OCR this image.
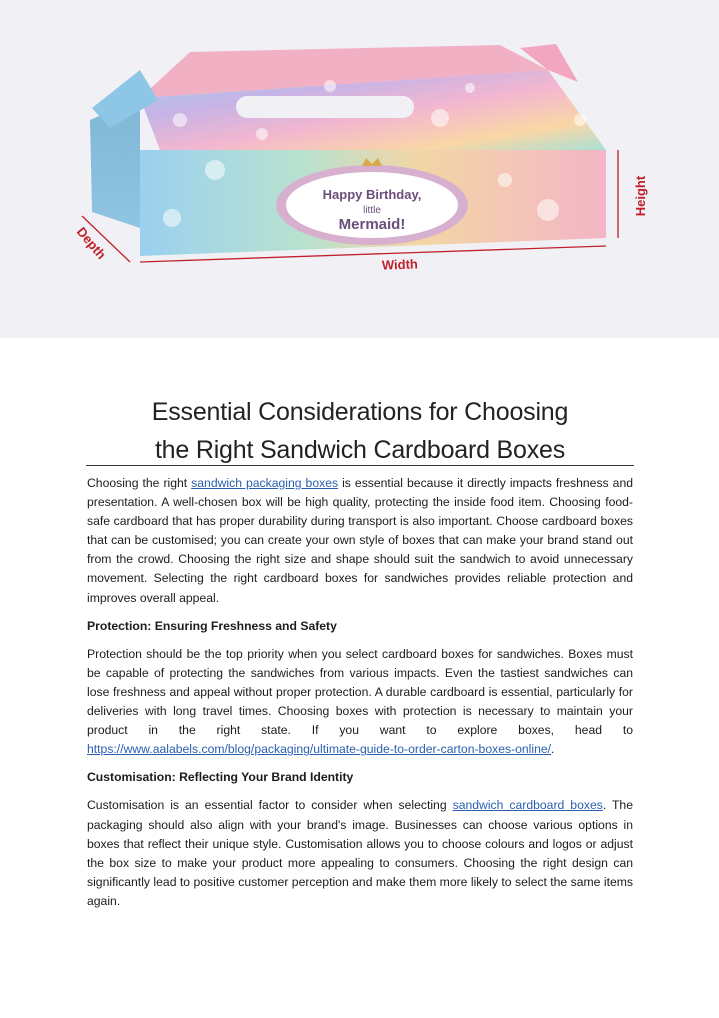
Happy Birthday,
little
Mermaid!
Height
Width
Depth
Essential Considerations for Choosing
the Right Sandwich Cardboard Boxes

Choosing the right sandwich packaging boxes is essential because it directly impacts freshness and presentation. A well-chosen box will be high quality, protecting the inside food item. Choosing food-safe cardboard that has proper durability during transport is also important. Choose cardboard boxes that can be customised; you can create your own style of boxes that can make your brand stand out from the crowd. Choosing the right size and shape should suit the sandwich to avoid unnecessary movement. Selecting the right cardboard boxes for sandwiches provides reliable protection and improves overall appeal.

Protection: Ensuring Freshness and Safety

Protection should be the top priority when you select cardboard boxes for sandwiches. Boxes must be capable of protecting the sandwiches from various impacts. Even the tastiest sandwiches can lose freshness and appeal without proper protection. A durable cardboard is essential, particularly for deliveries with long travel times. Choosing boxes with protection is necessary to maintain your product in the right state. If you want to explore boxes, head to https://www.aalabels.com/blog/packaging/ultimate-guide-to-order-carton-boxes-online/.

Customisation: Reflecting Your Brand Identity

Customisation is an essential factor to consider when selecting sandwich cardboard boxes. The packaging should also align with your brand's image. Businesses can choose various options in boxes that reflect their unique style. Customisation allows you to choose colours and logos or adjust the box size to make your product more appealing to consumers. Choosing the right design can significantly lead to positive customer perception and make them more likely to select the same items again.
